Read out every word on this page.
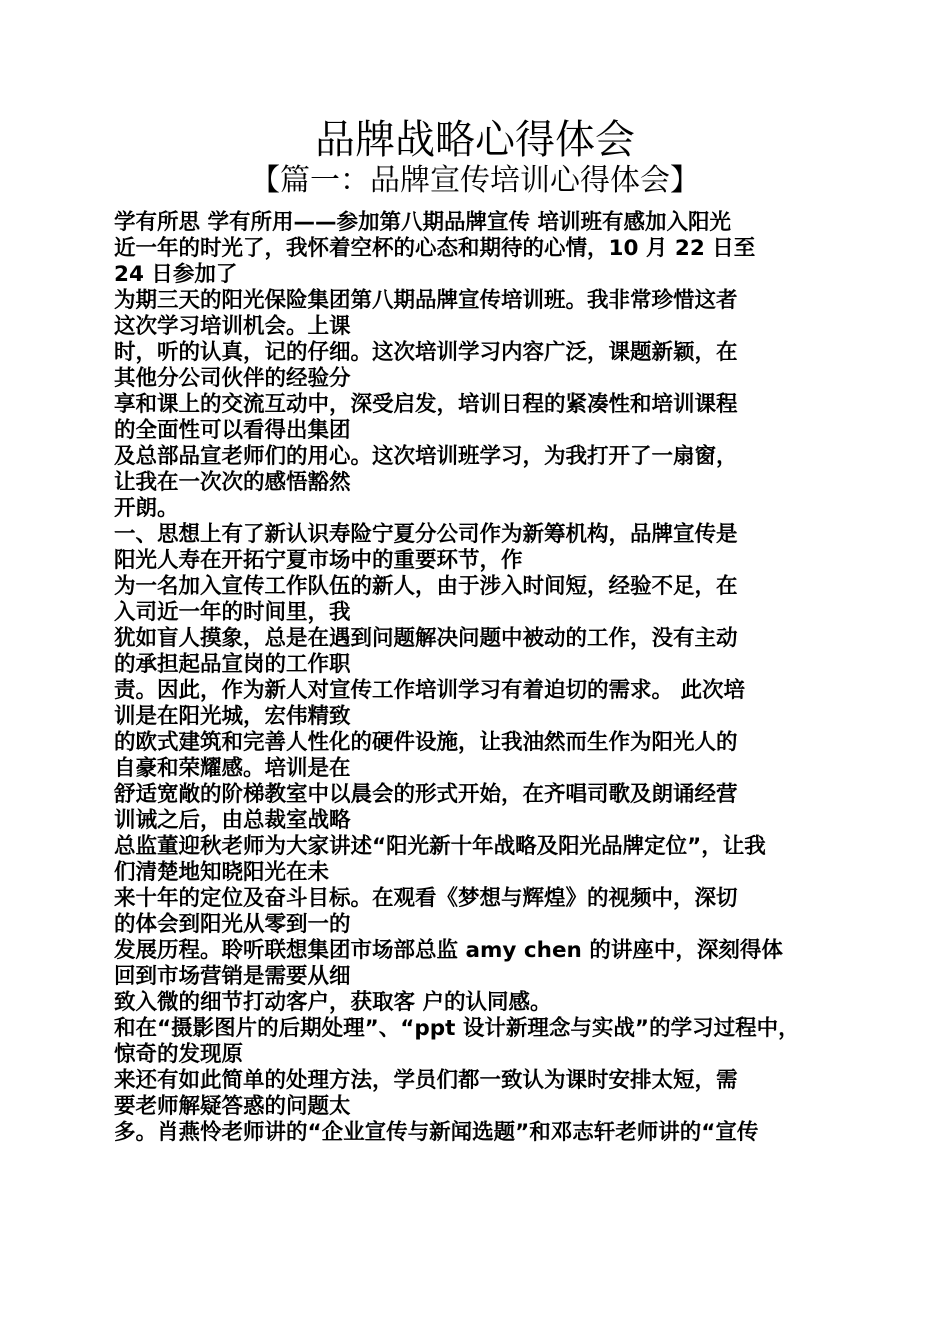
品牌战略心得体会
【篇一：品牌宣传培训心得体会】
学有所思 学有所用——参加第八期品牌宣传 培训班有感加入阳光
近一年的时光了，我怀着空杯的心态和期待的心情，10 月 22 日至
24 日参加了
为期三天的阳光保险集团第八期品牌宣传培训班。我非常珍惜这者
这次学习培训机会。上课
时，听的认真，记的仔细。这次培训学习内容广泛，课题新颖，在
其他分公司伙伴的经验分
享和课上的交流互动中，深受启发，培训日程的紧凑性和培训课程
的全面性可以看得出集团
及总部品宣老师们的用心。这次培训班学习，为我打开了一扇窗，
让我在一次次的感悟豁然
开朗。
一、思想上有了新认识寿险宁夏分公司作为新筹机构，品牌宣传是
阳光人寿在开拓宁夏市场中的重要环节，作
为一名加入宣传工作队伍的新人，由于涉入时间短，经验不足，在
入司近一年的时间里，我
犹如盲人摸象，总是在遇到问题解决问题中被动的工作，没有主动
的承担起品宣岗的工作职
责。因此，作为新人对宣传工作培训学习有着迫切的需求。 此次培
训是在阳光城，宏伟精致
的欧式建筑和完善人性化的硬件设施，让我油然而生作为阳光人的
自豪和荣耀感。培训是在
舒适宽敞的阶梯教室中以晨会的形式开始，在齐唱司歌及朗诵经营
训诫之后，由总裁室战略
总监董迎秋老师为大家讲述“阳光新十年战略及阳光品牌定位”，让我
们清楚地知晓阳光在未
来十年的定位及奋斗目标。在观看《梦想与辉煌》的视频中，深切
的体会到阳光从零到一的
发展历程。聆听联想集团市场部总监 amy chen 的讲座中，深刻得体
回到市场营销是需要从细
致入微的细节打动客户，获取客 户的认同感。
和在“摄影图片的后期处理”、“ppt 设计新理念与实战”的学习过程中，
惊奇的发现原
来还有如此简单的处理方法，学员们都一致认为课时安排太短，需
要老师解疑答惑的问题太
多。肖燕怜老师讲的“企业宣传与新闻选题”和邓志轩老师讲的“宣传
